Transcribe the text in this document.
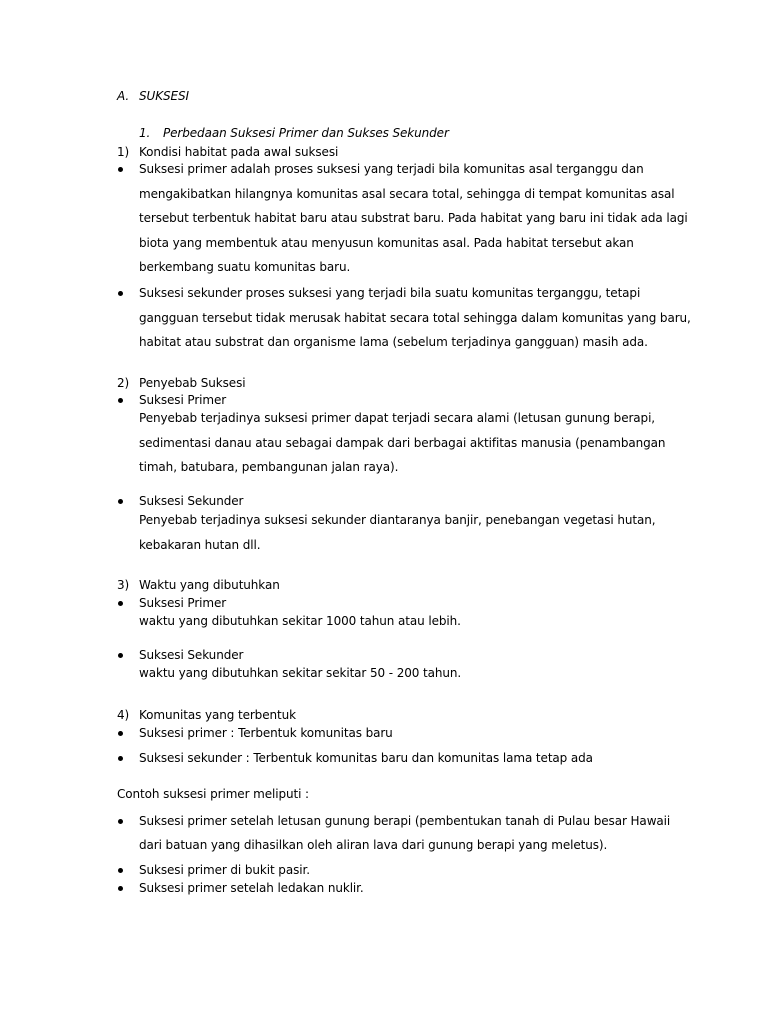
A. SUKSESI
1. Perbedaan Suksesi Primer dan Sukses Sekunder
1) Kondisi habitat pada awal suksesi
Suksesi primer adalah proses suksesi yang terjadi bila komunitas asal terganggu dan
mengakibatkan hilangnya komunitas asal secara total, sehingga di tempat komunitas asal
tersebut terbentuk habitat baru atau substrat baru. Pada habitat yang baru ini tidak ada lagi
biota yang membentuk atau menyusun komunitas asal. Pada habitat tersebut akan
berkembang suatu komunitas baru.
Suksesi sekunder proses suksesi yang terjadi bila suatu komunitas terganggu, tetapi
gangguan tersebut tidak merusak habitat secara total sehingga dalam komunitas yang baru,
habitat atau substrat dan organisme lama (sebelum terjadinya gangguan) masih ada.
2) Penyebab Suksesi
Suksesi Primer
Penyebab terjadinya suksesi primer dapat terjadi secara alami (letusan gunung berapi,
sedimentasi danau atau sebagai dampak dari berbagai aktifitas manusia (penambangan
timah, batubara, pembangunan jalan raya).
Suksesi Sekunder
Penyebab terjadinya suksesi sekunder diantaranya banjir, penebangan vegetasi hutan,
kebakaran hutan dll.
3) Waktu yang dibutuhkan
Suksesi Primer
waktu yang dibutuhkan sekitar 1000 tahun atau lebih.
Suksesi Sekunder
waktu yang dibutuhkan sekitar sekitar 50 - 200 tahun.
4) Komunitas yang terbentuk
Suksesi primer : Terbentuk komunitas baru
Suksesi sekunder : Terbentuk komunitas baru dan komunitas lama tetap ada
Contoh suksesi primer meliputi :
Suksesi primer setelah letusan gunung berapi (pembentukan tanah di Pulau besar Hawaii
dari batuan yang dihasilkan oleh aliran lava dari gunung berapi yang meletus).
Suksesi primer di bukit pasir.
Suksesi primer setelah ledakan nuklir.
